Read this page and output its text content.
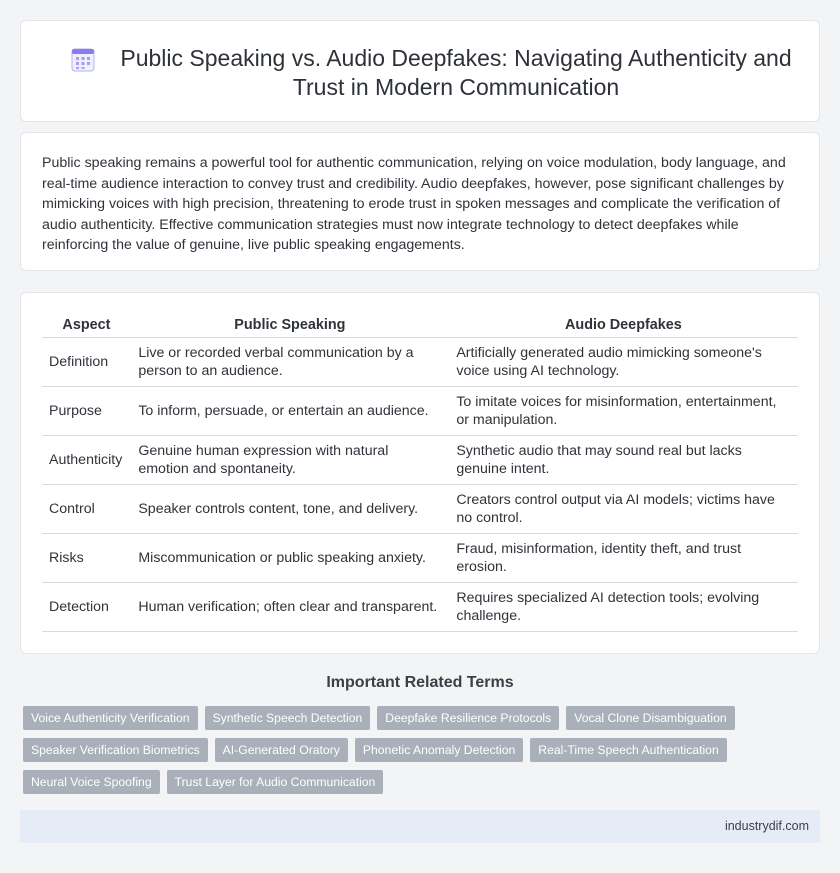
Public Speaking vs. Audio Deepfakes: Navigating Authenticity and Trust in Modern Communication

Public speaking remains a powerful tool for authentic communication, relying on voice modulation, body language, and real-time audience interaction to convey trust and credibility. Audio deepfakes, however, pose significant challenges by mimicking voices with high precision, threatening to erode trust in spoken messages and complicate the verification of audio authenticity. Effective communication strategies must now integrate technology to detect deepfakes while reinforcing the value of genuine, live public speaking engagements.

Aspect	Public Speaking	Audio Deepfakes
Definition	Live or recorded verbal communication by a person to an audience.	Artificially generated audio mimicking someone's voice using AI technology.
Purpose	To inform, persuade, or entertain an audience.	To imitate voices for misinformation, entertainment, or manipulation.
Authenticity	Genuine human expression with natural emotion and spontaneity.	Synthetic audio that may sound real but lacks genuine intent.
Control	Speaker controls content, tone, and delivery.	Creators control output via AI models; victims have no control.
Risks	Miscommunication or public speaking anxiety.	Fraud, misinformation, identity theft, and trust erosion.
Detection	Human verification; often clear and transparent.	Requires specialized AI detection tools; evolving challenge.
Important Related Terms
Voice Authenticity Verification	Synthetic Speech Detection	Deepfake Resilience Protocols	Vocal Clone Disambiguation
Speaker Verification Biometrics	AI-Generated Oratory	Phonetic Anomaly Detection	Real-Time Speech Authentication
Neural Voice Spoofing	Trust Layer for Audio Communication
industrydif.com
